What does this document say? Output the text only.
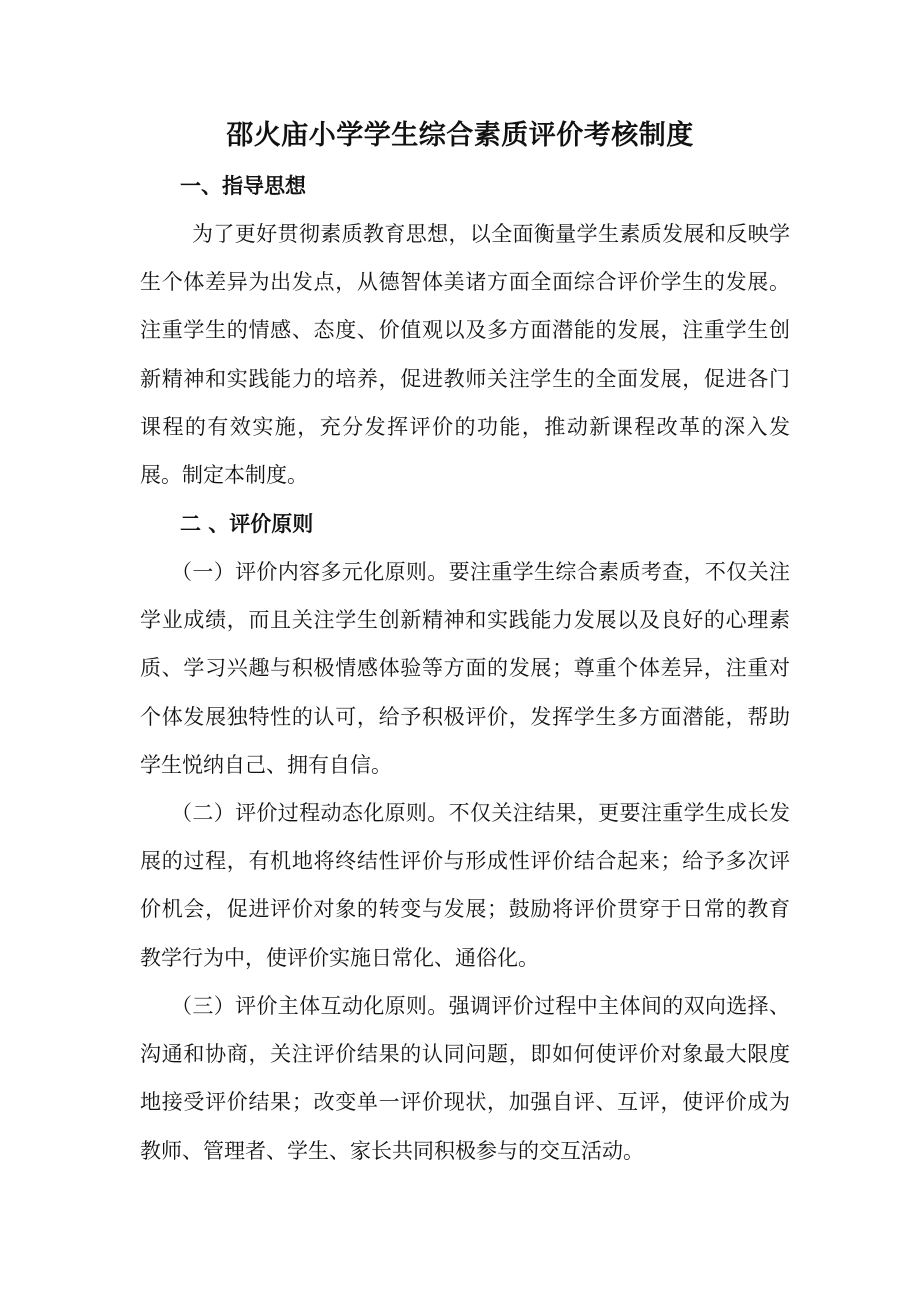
邵火庙小学学生综合素质评价考核制度
一、指导思想

为了更好贯彻素质教育思想，以全面衡量学生素质发展和反映学生个体差异为出发点，从德智体美诸方面全面综合评价学生的发展。注重学生的情感、态度、价值观以及多方面潜能的发展，注重学生创新精神和实践能力的培养，促进教师关注学生的全面发展，促进各门课程的有效实施，充分发挥评价的功能，推动新课程改革的深入发展。制定本制度。

二 、评价原则

（一）评价内容多元化原则。要注重学生综合素质考查，不仅关注学业成绩，而且关注学生创新精神和实践能力发展以及良好的心理素质、学习兴趣与积极情感体验等方面的发展；尊重个体差异，注重对个体发展独特性的认可，给予积极评价，发挥学生多方面潜能，帮助学生悦纳自己、拥有自信。

（二）评价过程动态化原则。不仅关注结果，更要注重学生成长发展的过程，有机地将终结性评价与形成性评价结合起来；给予多次评价机会，促进评价对象的转变与发展；鼓励将评价贯穿于日常的教育教学行为中，使评价实施日常化、通俗化。

（三）评价主体互动化原则。强调评价过程中主体间的双向选择、沟通和协商，关注评价结果的认同问题，即如何使评价对象最大限度地接受评价结果；改变单一评价现状，加强自评、互评，使评价成为教师、管理者、学生、家长共同积极参与的交互活动。
